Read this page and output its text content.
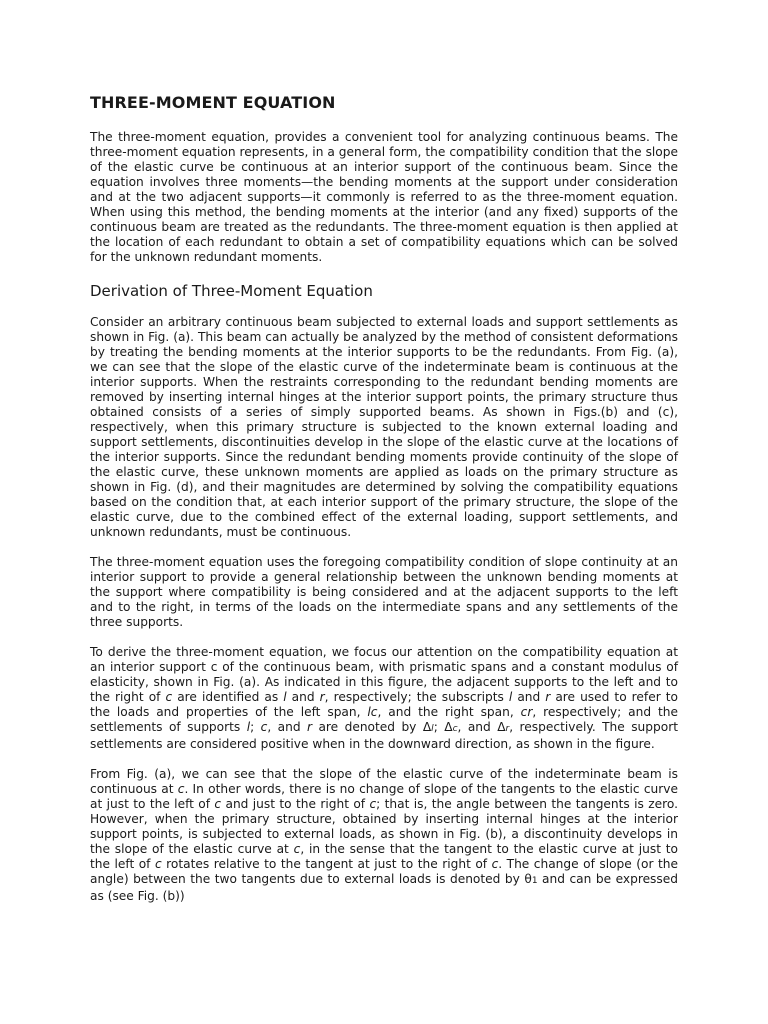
THREE-MOMENT EQUATION

The three-moment equation, provides a convenient tool for analyzing continuous beams. The three-moment equation represents, in a general form, the compatibility condition that the slope of the elastic curve be continuous at an interior support of the continuous beam. Since the equation involves three moments—the bending moments at the support under consideration and at the two adjacent supports—it commonly is referred to as the three-moment equation. When using this method, the bending moments at the interior (and any fixed) supports of the continuous beam are treated as the redundants. The three-moment equation is then applied at the location of each redundant to obtain a set of compatibility equations which can be solved for the unknown redundant moments.

Derivation of Three-Moment Equation

Consider an arbitrary continuous beam subjected to external loads and support settlements as shown in Fig. (a). This beam can actually be analyzed by the method of consistent deformations by treating the bending moments at the interior supports to be the redundants. From Fig. (a), we can see that the slope of the elastic curve of the indeterminate beam is continuous at the interior supports. When the restraints corresponding to the redundant bending moments are removed by inserting internal hinges at the interior support points, the primary structure thus obtained consists of a series of simply supported beams. As shown in Figs.(b) and (c), respectively, when this primary structure is subjected to the known external loading and support settlements, discontinuities develop in the slope of the elastic curve at the locations of the interior supports. Since the redundant bending moments provide continuity of the slope of the elastic curve, these unknown moments are applied as loads on the primary structure as shown in Fig. (d), and their magnitudes are determined by solving the compatibility equations based on the condition that, at each interior support of the primary structure, the slope of the elastic curve, due to the combined effect of the external loading, support settlements, and unknown redundants, must be continuous.

The three-moment equation uses the foregoing compatibility condition of slope continuity at an interior support to provide a general relationship between the unknown bending moments at the support where compatibility is being considered and at the adjacent supports to the left and to the right, in terms of the loads on the intermediate spans and any settlements of the three supports.

To derive the three-moment equation, we focus our attention on the compatibility equation at an interior support c of the continuous beam, with prismatic spans and a constant modulus of elasticity, shown in Fig. (a). As indicated in this figure, the adjacent supports to the left and to the right of c are identified as l and r, respectively; the subscripts l and r are used to refer to the loads and properties of the left span, lc, and the right span, cr, respectively; and the settlements of supports l; c, and r are denoted by Δl; Δc, and Δr, respectively. The support settlements are considered positive when in the downward direction, as shown in the figure.

From Fig. (a), we can see that the slope of the elastic curve of the indeterminate beam is continuous at c. In other words, there is no change of slope of the tangents to the elastic curve at just to the left of c and just to the right of c; that is, the angle between the tangents is zero. However, when the primary structure, obtained by inserting internal hinges at the interior support points, is subjected to external loads, as shown in Fig. (b), a discontinuity develops in the slope of the elastic curve at c, in the sense that the tangent to the elastic curve at just to the left of c rotates relative to the tangent at just to the right of c. The change of slope (or the angle) between the two tangents due to external loads is denoted by θ1 and can be expressed as (see Fig. (b))
